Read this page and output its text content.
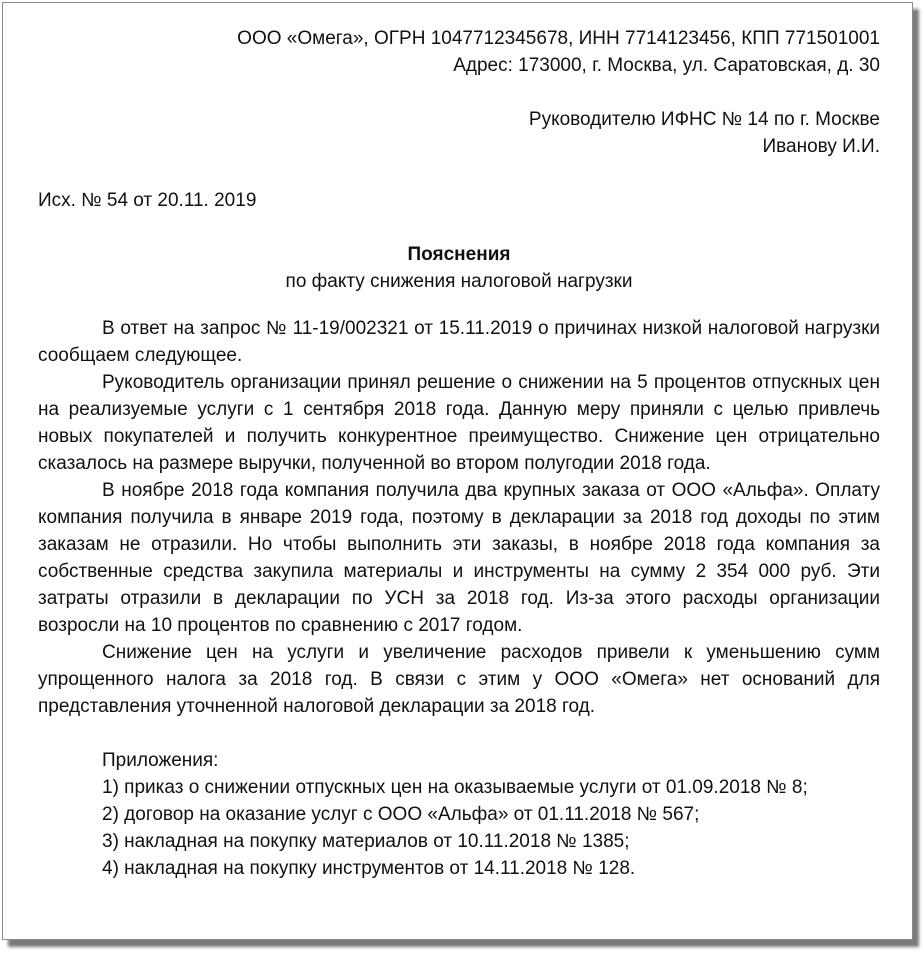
ООО «Омега», ОГРН 1047712345678, ИНН 7714123456, КПП 771501001

Адрес: 173000, г. Москва, ул. Саратовская, д. 30

Руководителю ИФНС № 14 по г. Москве

Иванову И.И.

Исх. № 54 от 20.11. 2019

Пояснения

по факту снижения налоговой нагрузки

В ответ на запрос № 11-19/002321 от 15.11.2019 о причинах низкой налоговой нагрузки сообщаем следующее.

Руководитель организации принял решение о снижении на 5 процентов отпускных цен на реализуемые услуги с 1 сентября 2018 года. Данную меру приняли с целью привлечь новых покупателей и получить конкурентное преимущество. Снижение цен отрицательно сказалось на размере выручки, полученной во втором полугодии 2018 года.

В ноябре 2018 года компания получила два крупных заказа от ООО «Альфа». Оплату компания получила в январе 2019 года, поэтому в декларации за 2018 год доходы по этим заказам не отразили. Но чтобы выполнить эти заказы, в ноябре 2018 года компания за собственные средства закупила материалы и инструменты на сумму 2 354 000 руб. Эти затраты отразили в декларации по УСН за 2018 год. Из-за этого расходы организации возросли на 10 процентов по сравнению с 2017 годом.

Снижение цен на услуги и увеличение расходов привели к уменьшению сумм упрощенного налога за 2018 год. В связи с этим у ООО «Омега» нет оснований для представления уточненной налоговой декларации за 2018 год.

Приложения:

1) приказ о снижении отпускных цен на оказываемые услуги от 01.09.2018 № 8;

2) договор на оказание услуг с ООО «Альфа» от 01.11.2018 № 567;

3) накладная на покупку материалов от 10.11.2018 № 1385;

4) накладная на покупку инструментов от 14.11.2018 № 128.
